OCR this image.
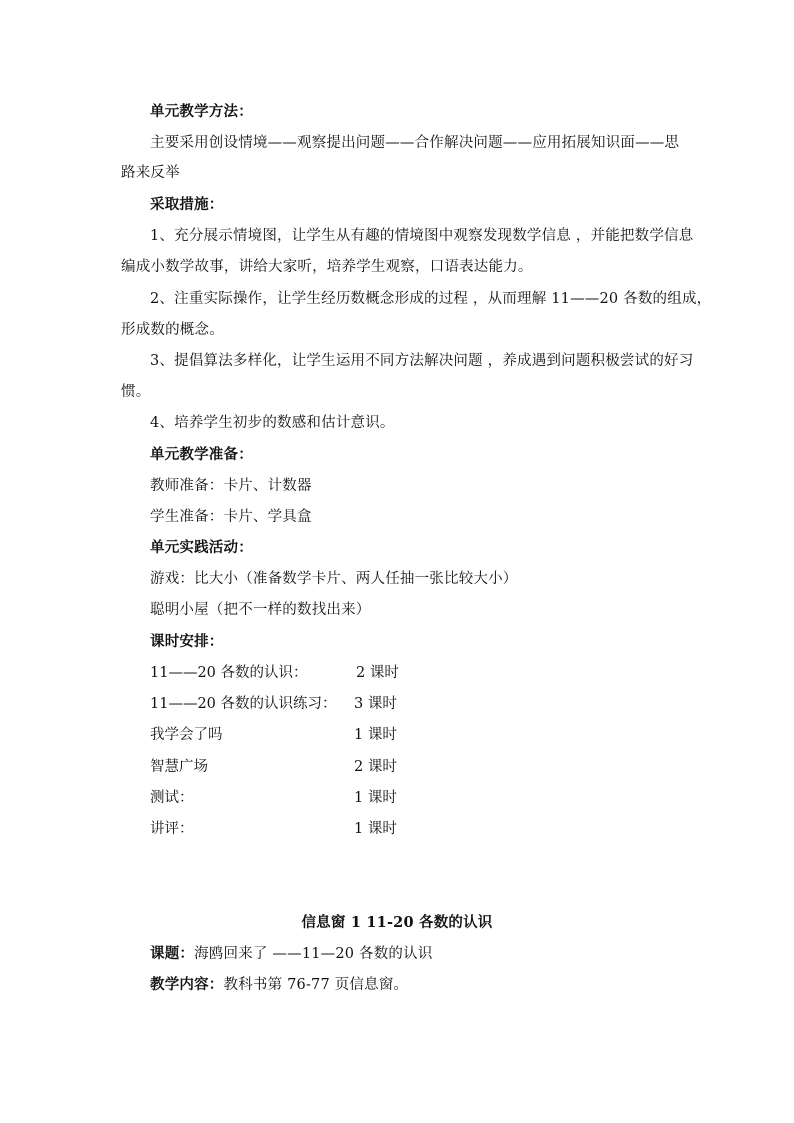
单元教学方法：
主要采用创设情境——观察提出问题——合作解决问题——应用拓展知识面——思
路来反举
采取措施：
1、充分展示情境图，让学生从有趣的情境图中观察发现数学信息 ，并能把数学信息
编成小数学故事，讲给大家听，培养学生观察，口语表达能力。
2、注重实际操作，让学生经历数概念形成的过程 ，从而理解 11——20 各数的组成，
形成数的概念。
3、提倡算法多样化，让学生运用不同方法解决问题 ，养成遇到问题积极尝试的好习
惯。
4、培养学生初步的数感和估计意识。
单元教学准备：
教师准备：卡片、计数器
学生准备：卡片、学具盒
单元实践活动：
游戏：比大小（准备数学卡片、两人任抽一张比较大小）
聪明小屋（把不一样的数找出来）
课时安排：
11——20 各数的认识：	2 课时
11——20 各数的认识练习： 3 课时
我学会了吗	1 课时
智慧广场	2 课时
测试：	1 课时
讲评：	1 课时
信息窗 1 11-20 各数的认识
课题：海鸥回来了 ——11—20 各数的认识
教学内容：教科书第 76-77 页信息窗。
